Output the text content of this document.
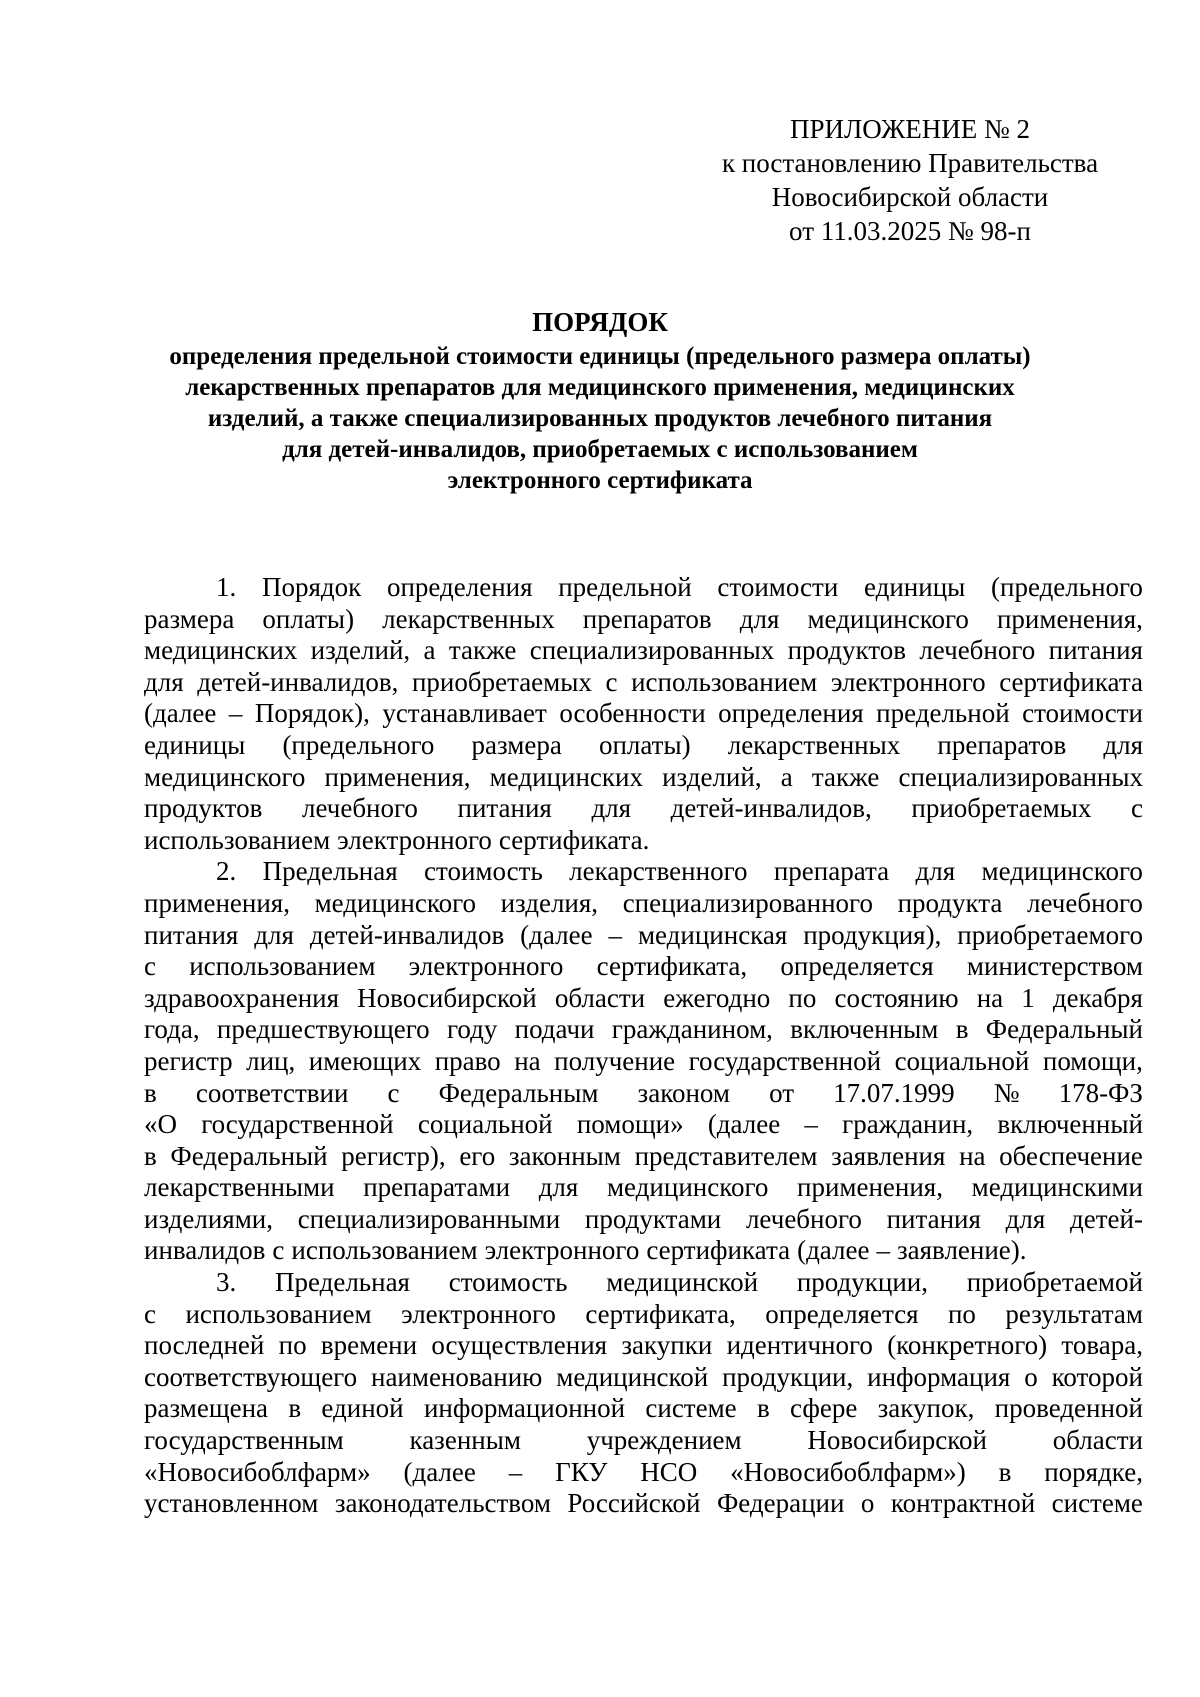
ПРИЛОЖЕНИЕ № 2
к постановлению Правительства
Новосибирской области
от 11.03.2025 № 98-п
ПОРЯДОК
определения предельной стоимости единицы (предельного размера оплаты)
лекарственных препаратов для медицинского применения, медицинских
изделий, а также специализированных продуктов лечебного питания
для детей-инвалидов, приобретаемых с использованием
электронного сертификата
1. Порядок определения предельной стоимости единицы (предельного
размера оплаты) лекарственных препаратов для медицинского применения,
медицинских изделий, а также специализированных продуктов лечебного питания
для детей-инвалидов, приобретаемых с использованием электронного сертификата
(далее – Порядок), устанавливает особенности определения предельной стоимости
единицы (предельного размера оплаты) лекарственных препаратов для
медицинского применения, медицинских изделий, а также специализированных
продуктов лечебного питания для детей-инвалидов, приобретаемых с
использованием электронного сертификата.
2. Предельная стоимость лекарственного препарата для медицинского
применения, медицинского изделия, специализированного продукта лечебного
питания для детей-инвалидов (далее – медицинская продукция), приобретаемого
с использованием электронного сертификата, определяется министерством
здравоохранения Новосибирской области ежегодно по состоянию на 1 декабря
года, предшествующего году подачи гражданином, включенным в Федеральный
регистр лиц, имеющих право на получение государственной социальной помощи,
в соответствии с Федеральным законом от 17.07.1999 № 178-ФЗ
«О государственной социальной помощи» (далее – гражданин, включенный
в Федеральный регистр), его законным представителем заявления на обеспечение
лекарственными препаратами для медицинского применения, медицинскими
изделиями, специализированными продуктами лечебного питания для детей-
инвалидов с использованием электронного сертификата (далее – заявление).
3. Предельная стоимость медицинской продукции, приобретаемой
с использованием электронного сертификата, определяется по результатам
последней по времени осуществления закупки идентичного (конкретного) товара,
соответствующего наименованию медицинской продукции, информация о которой
размещена в единой информационной системе в сфере закупок, проведенной
государственным казенным учреждением Новосибирской области
«Новосибоблфарм» (далее – ГКУ НСО «Новосибоблфарм») в порядке,
установленном законодательством Российской Федерации о контрактной системе
